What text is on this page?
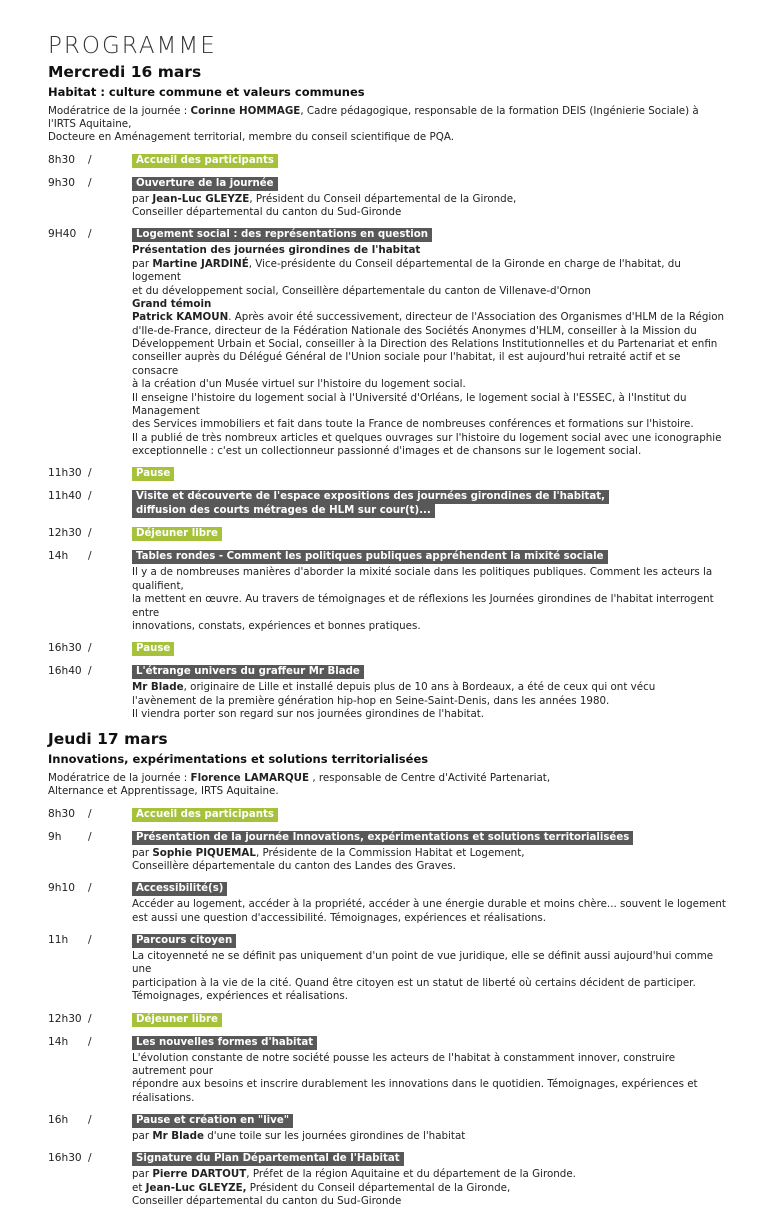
PROGRAMME
Mercredi 16 mars
Habitat : culture commune et valeurs communes
Modératrice de la journée : Corinne HOMMAGE, Cadre pédagogique, responsable de la formation DEIS (Ingénierie Sociale) à l'IRTS Aquitaine,
Docteure en Aménagement territorial, membre du conseil scientifique de PQA.
8h30	/	Accueil des participants
9h30	/	Ouverture de la journée

par Jean-Luc GLEYZE, Président du Conseil départemental de la Gironde,

Conseiller départemental du canton du Sud-Gironde

9H40	/	Logement social : des représentations en question

Présentation des journées girondines de l'habitat

par Martine JARDINÉ, Vice-présidente du Conseil départemental de la Gironde en charge de l'habitat, du logement

et du développement social, Conseillère départementale du canton de Villenave-d'Ornon

Grand témoin

Patrick KAMOUN. Après avoir été successivement, directeur de l'Association des Organismes d'HLM de la Région

d'Ile-de-France, directeur de la Fédération Nationale des Sociétés Anonymes d'HLM, conseiller à la Mission du

Développement Urbain et Social, conseiller à la Direction des Relations Institutionnelles et du Partenariat et enfin

conseiller auprès du Délégué Général de l'Union sociale pour l'habitat, il est aujourd'hui retraité actif et se consacre

à la création d'un Musée virtuel sur l'histoire du logement social.

Il enseigne l'histoire du logement social à l'Université d'Orléans, le logement social à l'ESSEC, à l'Institut du Management

des Services immobiliers et fait dans toute la France de nombreuses conférences et formations sur l'histoire.

Il a publié de très nombreux articles et quelques ouvrages sur l'histoire du logement social avec une iconographie

exceptionnelle : c'est un collectionneur passionné d'images et de chansons sur le logement social.

11h30 /	Pause
11h40 /	Visite et découverte de l'espace expositions des journées girondines de l'habitat,
diffusion des courts métrages de HLM sur cour(t)...
12h30 /	Déjeuner libre
14h	/	Tables rondes - Comment les politiques publiques appréhendent la mixité sociale

Il y a de nombreuses manières d'aborder la mixité sociale dans les politiques publiques. Comment les acteurs la qualifient,

la mettent en œuvre. Au travers de témoignages et de réflexions les Journées girondines de l'habitat interrogent entre

innovations, constats, expériences et bonnes pratiques.

16h30 /	Pause
16h40 /	L'étrange univers du graffeur Mr Blade

Mr Blade, originaire de Lille et installé depuis plus de 10 ans à Bordeaux, a été de ceux qui ont vécu

l'avènement de la première génération hip-hop en Seine-Saint-Denis, dans les années 1980.

Il viendra porter son regard sur nos journées girondines de l'habitat.

Jeudi 17 mars
Innovations, expérimentations et solutions territorialisées
Modératrice de la journée : Florence LAMARQUE , responsable de Centre d'Activité Partenariat,
Alternance et Apprentissage, IRTS Aquitaine.
8h30	/	Accueil des participants
9h	/	Présentation de la journée Innovations, expérimentations et solutions territorialisées

par Sophie PIQUEMAL, Présidente de la Commission Habitat et Logement,

Conseillère départementale du canton des Landes des Graves.

9h10	/	Accessibilité(s)

Accéder au logement, accéder à la propriété, accéder à une énergie durable et moins chère... souvent le logement

est aussi une question d'accessibilité. Témoignages, expériences et réalisations.

11h	/	Parcours citoyen

La citoyenneté ne se définit pas uniquement d'un point de vue juridique, elle se définit aussi aujourd'hui comme une

participation à la vie de la cité. Quand être citoyen est un statut de liberté où certains décident de participer.

Témoignages, expériences et réalisations.

12h30 /	Déjeuner libre
14h	/	Les nouvelles formes d'habitat

L'évolution constante de notre société pousse les acteurs de l'habitat à constamment innover, construire autrement pour

répondre aux besoins et inscrire durablement les innovations dans le quotidien. Témoignages, expériences et réalisations.

16h	/	Pause et création en "live"

par Mr Blade d'une toile sur les journées girondines de l'habitat

16h30 /	Signature du Plan Départemental de l'Habitat

par Pierre DARTOUT, Préfet de la région Aquitaine et du département de la Gironde.

et Jean-Luc GLEYZE, Président du Conseil départemental de la Gironde,

Conseiller départemental du canton du Sud-Gironde
